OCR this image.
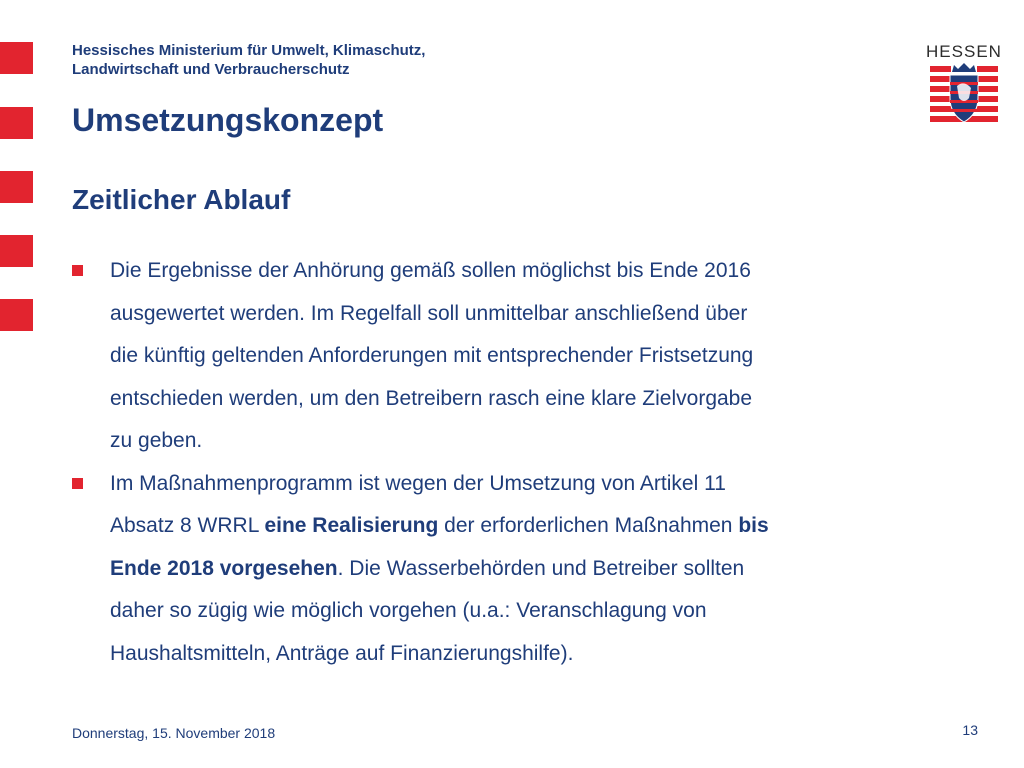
Hessisches Ministerium für Umwelt, Klimaschutz,
Landwirtschaft und Verbraucherschutz
HESSEN
Umsetzungskonzept
Zeitlicher Ablauf
Die Ergebnisse der Anhörung gemäß sollen möglichst bis Ende 2016
ausgewertet werden. Im Regelfall soll unmittelbar anschließend über
die künftig geltenden Anforderungen mit entsprechender Fristsetzung
entschieden werden, um den Betreibern rasch eine klare Zielvorgabe
zu geben.
Im Maßnahmenprogramm ist wegen der Umsetzung von Artikel 11
Absatz 8 WRRL eine Realisierung der erforderlichen Maßnahmen bis
Ende 2018 vorgesehen. Die Wasserbehörden und Betreiber sollten
daher so zügig wie möglich vorgehen (u.a.: Veranschlagung von
Haushaltsmitteln, Anträge auf Finanzierungshilfe).
Donnerstag, 15. November 2018	13
